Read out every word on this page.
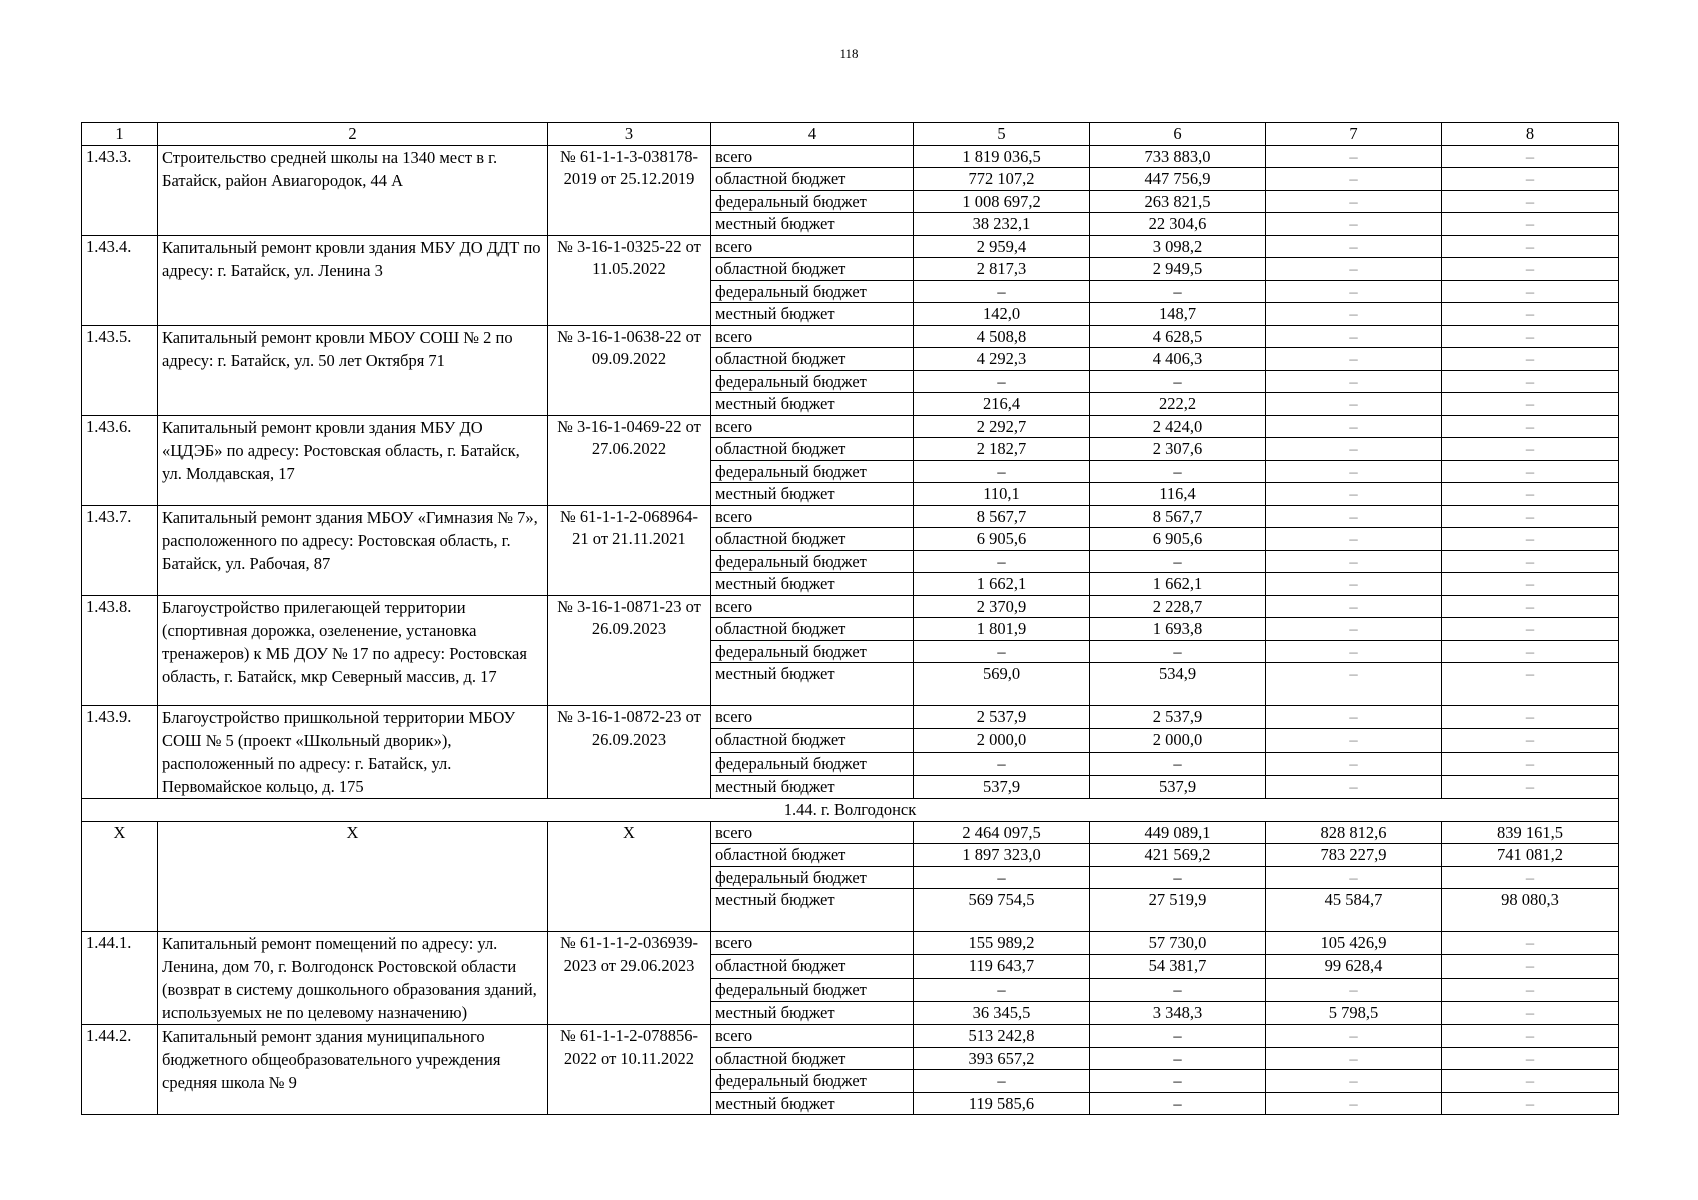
118
1	2	3	4	5	6	7	8
1.43.3.	Строительство средней школы на 1340 мест в г. Батайск, район Авиагородок, 44 А	№ 61-1-1-3-038178-2019 от 25.12.2019	всего	1 819 036,5	733 883,0	–	–
			областной бюджет	772 107,2	447 756,9	–	–
			федеральный бюджет	1 008 697,2	263 821,5	–	–
			местный бюджет	38 232,1	22 304,6	–	–
1.43.4.	Капитальный ремонт кровли здания МБУ ДО ДДТ по адресу: г. Батайск, ул. Ленина 3	№ 3-16-1-0325-22 от 11.05.2022	всего	2 959,4	3 098,2	–	–
			областной бюджет	2 817,3	2 949,5	–	–
			федеральный бюджет	–	–	–	–
			местный бюджет	142,0	148,7	–	–
1.43.5.	Капитальный ремонт кровли МБОУ СОШ № 2 по адресу: г. Батайск, ул. 50 лет Октября 71	№ 3-16-1-0638-22 от 09.09.2022	всего	4 508,8	4 628,5	–	–
			областной бюджет	4 292,3	4 406,3	–	–
			федеральный бюджет	–	–	–	–
			местный бюджет	216,4	222,2	–	–
1.43.6.	Капитальный ремонт кровли здания МБУ ДО «ЦДЭБ» по адресу: Ростовская область, г. Батайск, ул. Молдавская, 17	№ 3-16-1-0469-22 от 27.06.2022	всего	2 292,7	2 424,0	–	–
			областной бюджет	2 182,7	2 307,6	–	–
			федеральный бюджет	–	–	–	–
			местный бюджет	110,1	116,4	–	–
1.43.7.	Капитальный ремонт здания МБОУ «Гимназия № 7», расположенного по адресу: Ростовская область, г. Батайск, ул. Рабочая, 87	№ 61-1-1-2-068964-21 от 21.11.2021	всего	8 567,7	8 567,7	–	–
			областной бюджет	6 905,6	6 905,6	–	–
			федеральный бюджет	–	–	–	–
			местный бюджет	1 662,1	1 662,1	–	–
1.43.8.	Благоустройство прилегающей территории (спортивная дорожка, озеленение, установка тренажеров) к МБ ДОУ № 17 по адресу: Ростовская область, г. Батайск, мкр Северный массив, д. 17	№ 3-16-1-0871-23 от 26.09.2023	всего	2 370,9	2 228,7	–	–
			областной бюджет	1 801,9	1 693,8	–	–
			федеральный бюджет	–	–	–	–
			местный бюджет	569,0	534,9	–	–
1.43.9.	Благоустройство пришкольной территории МБОУ СОШ № 5 (проект «Школьный дворик»), расположенный по адресу: г. Батайск, ул. Первомайское кольцо, д. 175	№ 3-16-1-0872-23 от 26.09.2023	всего	2 537,9	2 537,9	–	–
			областной бюджет	2 000,0	2 000,0	–	–
			федеральный бюджет	–	–	–	–
			местный бюджет	537,9	537,9	–	–
1.44. г. Волгодонск							
X	X	X	всего	2 464 097,5	449 089,1	828 812,6	839 161,5
			областной бюджет	1 897 323,0	421 569,2	783 227,9	741 081,2
			федеральный бюджет	–	–	–	–
			местный бюджет	569 754,5	27 519,9	45 584,7	98 080,3
1.44.1.	Капитальный ремонт помещений по адресу: ул. Ленина, дом 70, г. Волгодонск Ростовской области (возврат в систему дошкольного образования зданий, используемых не по целевому назначению)	№ 61-1-1-2-036939-2023 от 29.06.2023	всего	155 989,2	57 730,0	105 426,9	–
			областной бюджет	119 643,7	54 381,7	99 628,4	–
			федеральный бюджет	–	–	–	–
			местный бюджет	36 345,5	3 348,3	5 798,5	–
1.44.2.	Капитальный ремонт здания муниципального бюджетного общеобразовательного учреждения средняя школа № 9	№ 61-1-1-2-078856-2022 от 10.11.2022	всего	513 242,8	–	–	–
			областной бюджет	393 657,2	–	–	–
			федеральный бюджет	–	–	–	–
			местный бюджет	119 585,6	–	–	–
